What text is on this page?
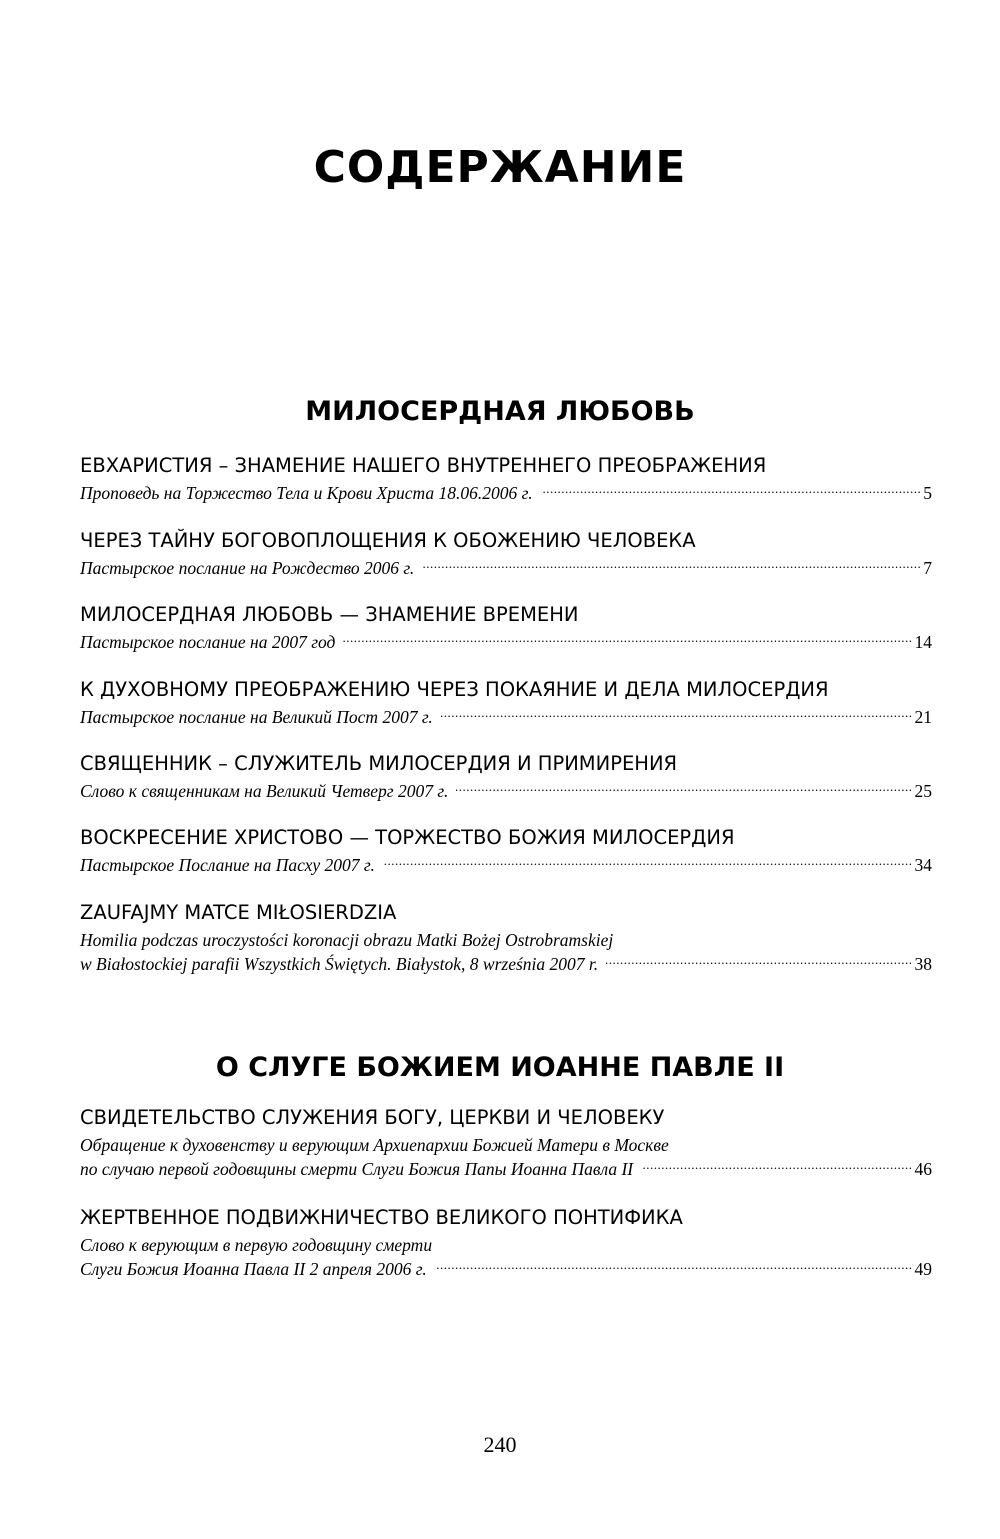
СОДЕРЖАНИЕ
МИЛОСЕРДНАЯ ЛЮБОВЬ
ЕВХАРИСТИЯ – ЗНАМЕНИЕ НАШЕГО ВНУТРЕННЕГО ПРЕОБРАЖЕНИЯ
Проповедь на Торжество Тела и Крови Христа 18.06.2006 г. .....	5
ЧЕРЕЗ ТАЙНУ БОГОВОПЛОЩЕНИЯ К ОБОЖЕНИЮ ЧЕЛОВЕКА
Пастырское послание на Рождество 2006 г. .....	7
МИЛОСЕРДНАЯ ЛЮБОВЬ — ЗНАМЕНИЕ ВРЕМЕНИ
Пастырское послание на 2007 год .....	14
К ДУХОВНОМУ ПРЕОБРАЖЕНИЮ ЧЕРЕЗ ПОКАЯНИЕ И ДЕЛА МИЛОСЕРДИЯ
Пастырское послание на Великий Пост 2007 г. .....	21
СВЯЩЕННИК – СЛУЖИТЕЛЬ МИЛОСЕРДИЯ И ПРИМИРЕНИЯ
Слово к священникам на Великий Четверг 2007 г. .....	25
ВОСКРЕСЕНИЕ ХРИСТОВО — ТОРЖЕСТВО БОЖИЯ МИЛОСЕРДИЯ
Пастырское Послание на Пасху 2007 г. .....	34
ZAUFAJMY MATCE MIŁOSIERDZIA
Homilia podczas uroczystości koronacji obrazu Matki Bożej Ostrobramskiej
w Białostockiej parafii Wszystkich Świętych. Białystok, 8 września 2007 r. .....	38
О СЛУГЕ БОЖИЕМ ИОАННЕ ПАВЛЕ II
СВИДЕТЕЛЬСТВО СЛУЖЕНИЯ БОГУ, ЦЕРКВИ И ЧЕЛОВЕКУ
Обращение к духовенству и верующим Архиепархии Божией Матери в Москве
по случаю первой годовщины смерти Слуги Божия Папы Иоанна Павла II .....	46
ЖЕРТВЕННОЕ ПОДВИЖНИЧЕСТВО ВЕЛИКОГО ПОНТИФИКА
Слово к верующим в первую годовщину смерти
Слуги Божия Иоанна Павла II 2 апреля 2006 г. .....	49
240
